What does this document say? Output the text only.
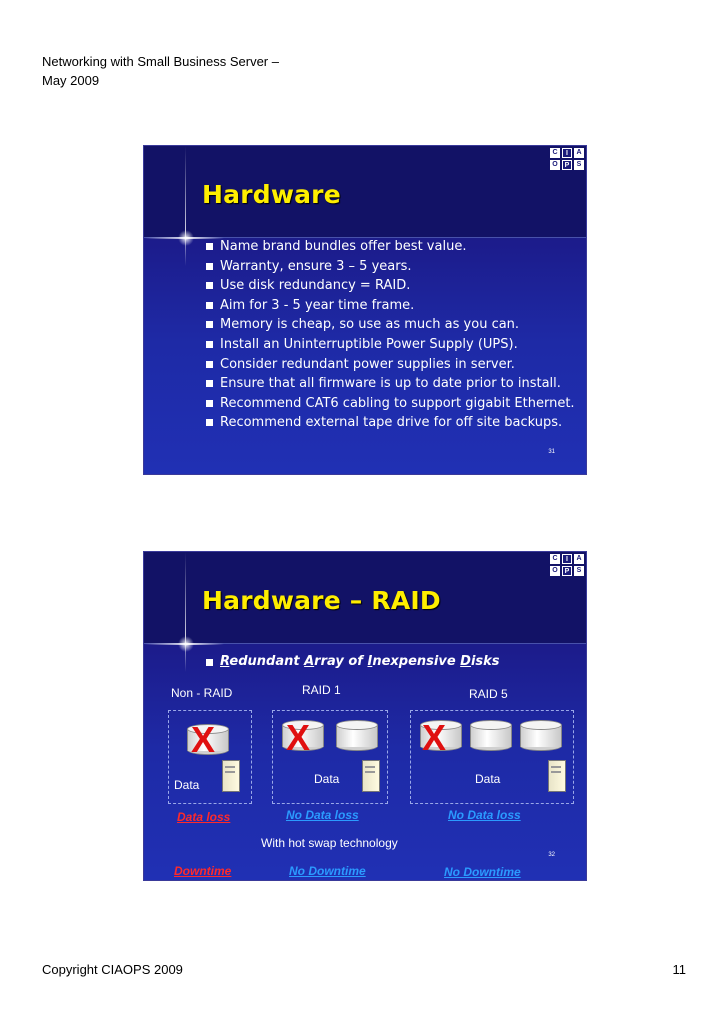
Networking with Small Business Server –
May 2009
C	I	A
O P	S
Hardware
Name brand bundles offer best value.
Warranty, ensure 3 – 5 years.
Use disk redundancy = RAID.
Aim for 3 - 5 year time frame.
Memory is cheap, so use as much as you can.
Install an Uninterruptible Power Supply (UPS).
Consider redundant power supplies in server.
Ensure that all firmware is up to date prior to install.
Recommend CAT6 cabling to support gigabit Ethernet.
Recommend external tape drive for off site backups.
31
C	I	A
O P	S
Hardware – RAID
Redundant Array of Inexpensive Disks
Non - RAID	RAID 1	RAID 5
X
Data
X
Data
X
Data
Data loss	No Data loss	No Data loss
With hot swap technology
Downtime	No Downtime	No Downtime
32
Copyright CIAOPS 2009	11
